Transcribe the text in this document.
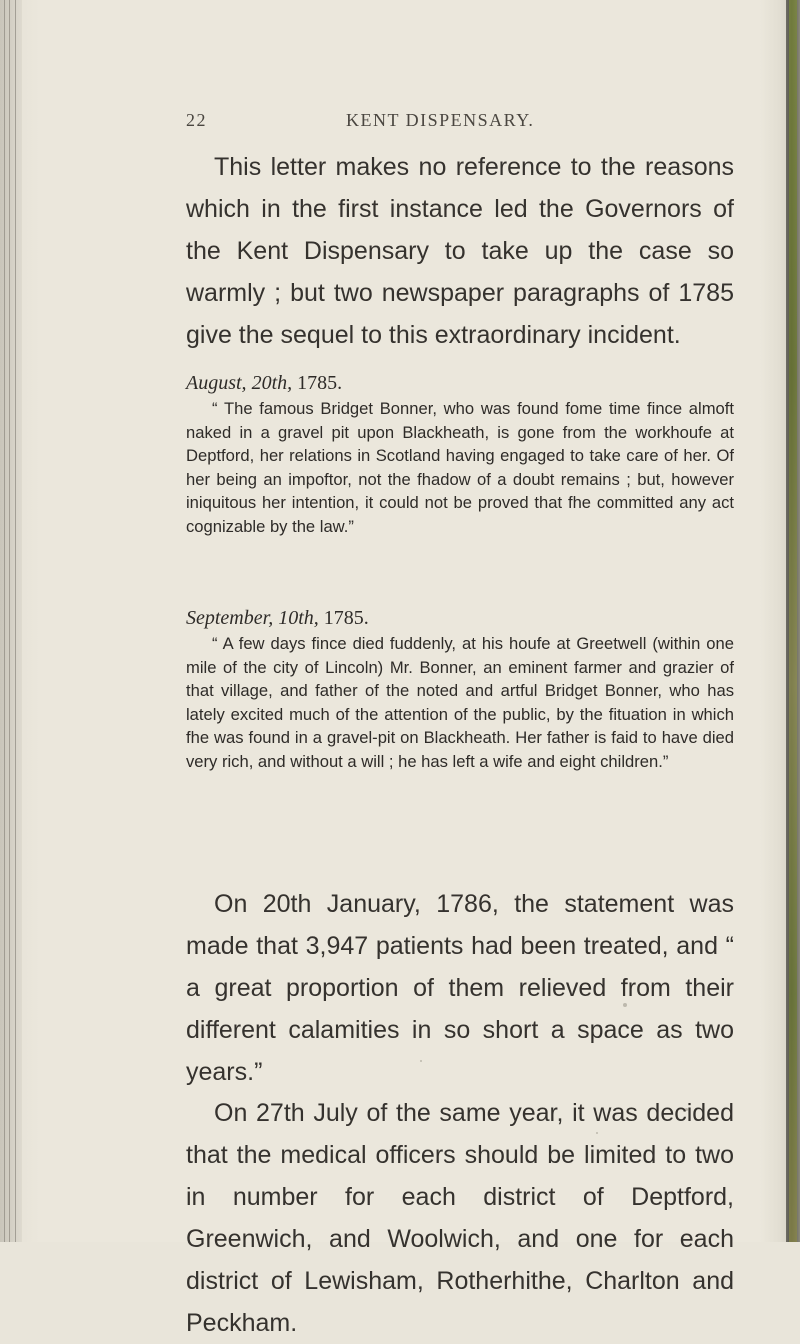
22	KENT DISPENSARY.

This letter makes no reference to the reasons which in the first instance led the Governors of the Kent Dispensary to take up the case so warmly ; but two newspaper paragraphs of 1785 give the sequel to this extraordinary incident.

August, 20th, 1785.

“ The famous Bridget Bonner, who was found fome time fince almoft naked in a gravel pit upon Blackheath, is gone from the workhoufe at Deptford, her relations in Scotland having engaged to take care of her. Of her being an impoftor, not the fhadow of a doubt remains ; but, however iniquitous her intention, it could not be proved that fhe committed any act cognizable by the law.”

September, 10th, 1785.

“ A few days fince died fuddenly, at his houfe at Greetwell (within one mile of the city of Lincoln) Mr. Bonner, an eminent farmer and grazier of that village, and father of the noted and artful Bridget Bonner, who has lately excited much of the attention of the public, by the fituation in which fhe was found in a gravel-pit on Blackheath. Her father is faid to have died very rich, and without a will ; he has left a wife and eight children.”

On 20th January, 1786, the statement was made that 3,947 patients had been treated, and “ a great proportion of them relieved from their different calamities in so short a space as two years.”

On 27th July of the same year, it was decided that the medical officers should be limited to two in number for each district of Deptford, Greenwich, and Woolwich, and one for each district of Lewisham, Rotherhithe, Charlton and Peckham.
